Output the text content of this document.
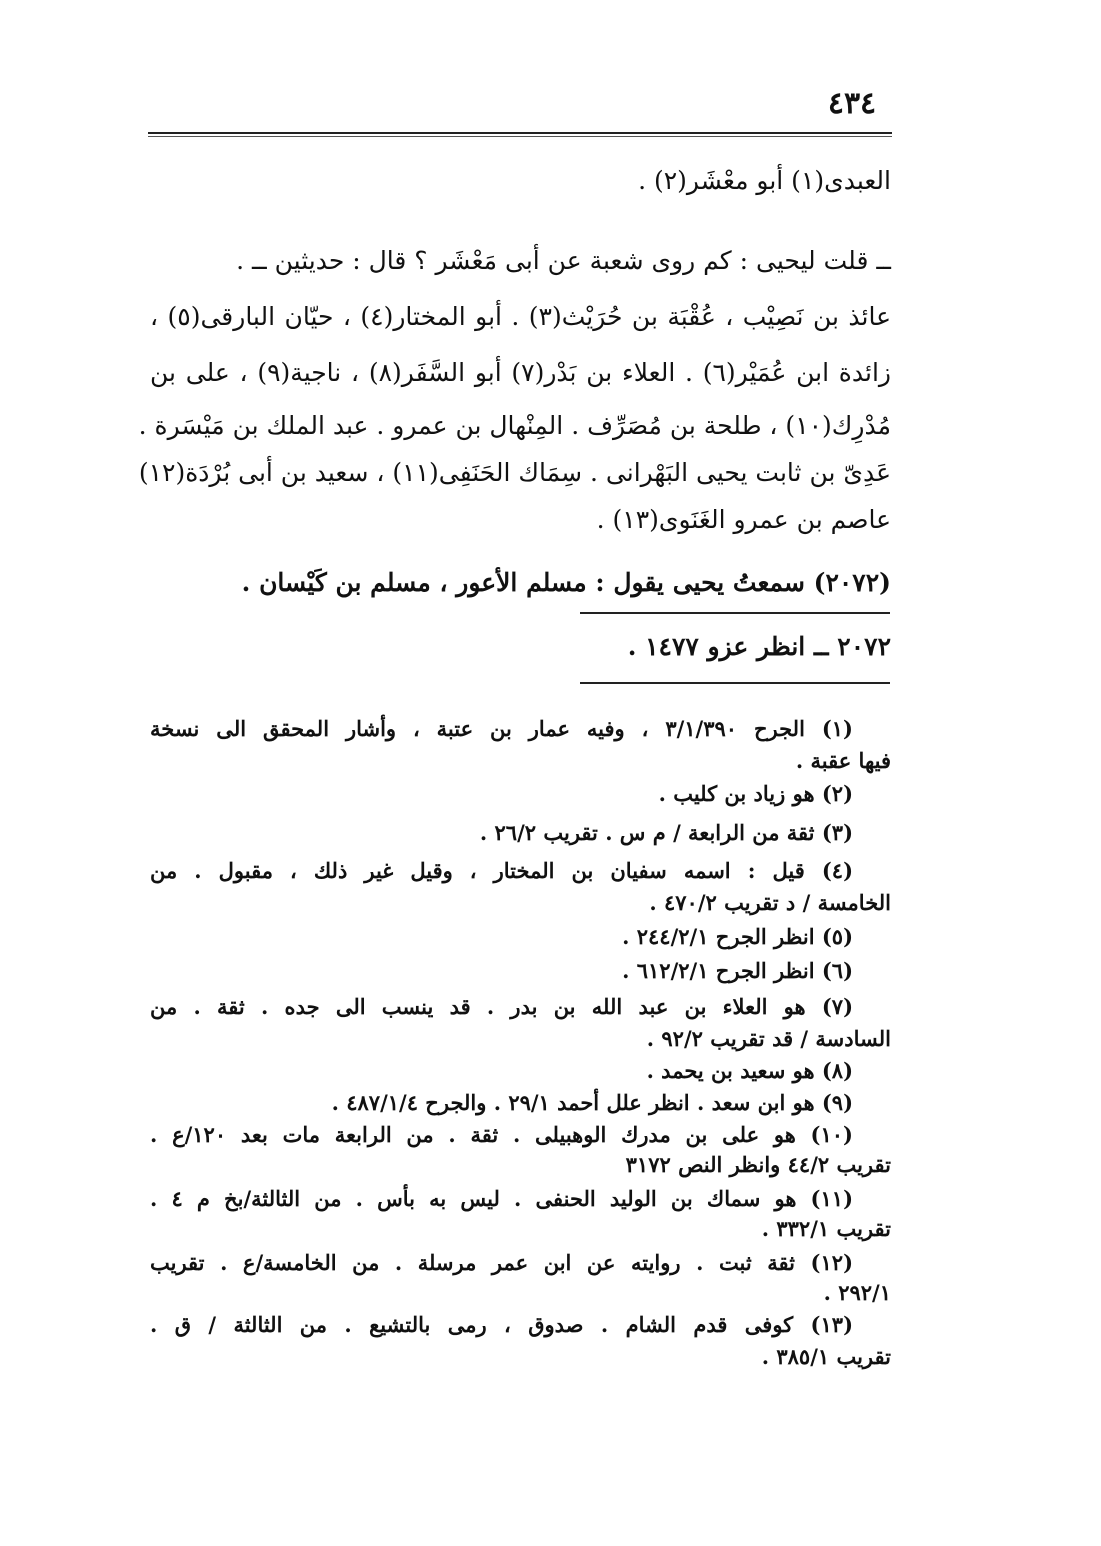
٤٣٤
العبدى(١) أبو معْشَر(٢) .
ــ قلت ليحيى : كم روى شعبة عن أبى مَعْشَر ؟ قال : حديثين ــ .
عائذ بن نَصِيْب ، عُقْبَة بن حُرَيْث(٣) . أبو المختار(٤) ، حيّان البارقى(٥) ،
زائدة ابن عُمَيْر(٦) . العلاء بن بَدْر(٧) أبو السَّفَر(٨) ، ناجية(٩) ، على بن
مُدْرِك(١٠) ، طلحة بن مُصَرِّف . المِنْهال بن عمرو . عبد الملك بن مَيْسَرة .
عَدِىّ بن ثابت يحيى البَهْرانى . سِمَاك الحَنَفِى(١١) ، سعيد بن أبى بُرْدَة(١٢)
عاصم بن عمرو الغَنَوى(١٣) .
(٢٠٧٢) سمعتُ يحيى يقول : مسلم الأعور ، مسلم بن كَيْسان .
٢٠٧٢ ــ انظر عزو ١٤٧٧ .
(١) الجرح ٣/١/٣٩٠ ، وفيه عمار بن عتبة ، وأشار المحقق الى نسخة
فيها عقبة .
(٢) هو زياد بن كليب .
(٣) ثقة من الرابعة / م س . تقريب ٢٦/٢ .
(٤) قيل : اسمه سفيان بن المختار ، وقيل غير ذلك ، مقبول . من
الخامسة / د تقريب ٤٧٠/٢ .
(٥) انظر الجرح ٢٤٤/٢/١ .
(٦) انظر الجرح ٦١٢/٢/١ .
(٧) هو العلاء بن عبد الله بن بدر . قد ينسب الى جده . ثقة . من
السادسة / قد تقريب ٩٢/٢ .
(٨) هو سعيد بن يحمد .
(٩) هو ابن سعد . انظر علل أحمد ٢٩/١ . والجرح ٤٨٧/١/٤ .
(١٠) هو على بن مدرك الوهبيلى . ثقة . من الرابعة مات بعد ١٢٠/ع .
تقريب ٤٤/٢ وانظر النص ٣١٧٢
(١١) هو سماك بن الوليد الحنفى . ليس به بأس . من الثالثة/بخ م ٤ .
تقريب ٣٣٢/١ .
(١٢) ثقة ثبت . روايته عن ابن عمر مرسلة . من الخامسة/ع . تقريب
٢٩٢/١ .
(١٣) كوفى قدم الشام . صدوق ، رمى بالتشيع . من الثالثة / ق .
تقريب ٣٨٥/١ .
